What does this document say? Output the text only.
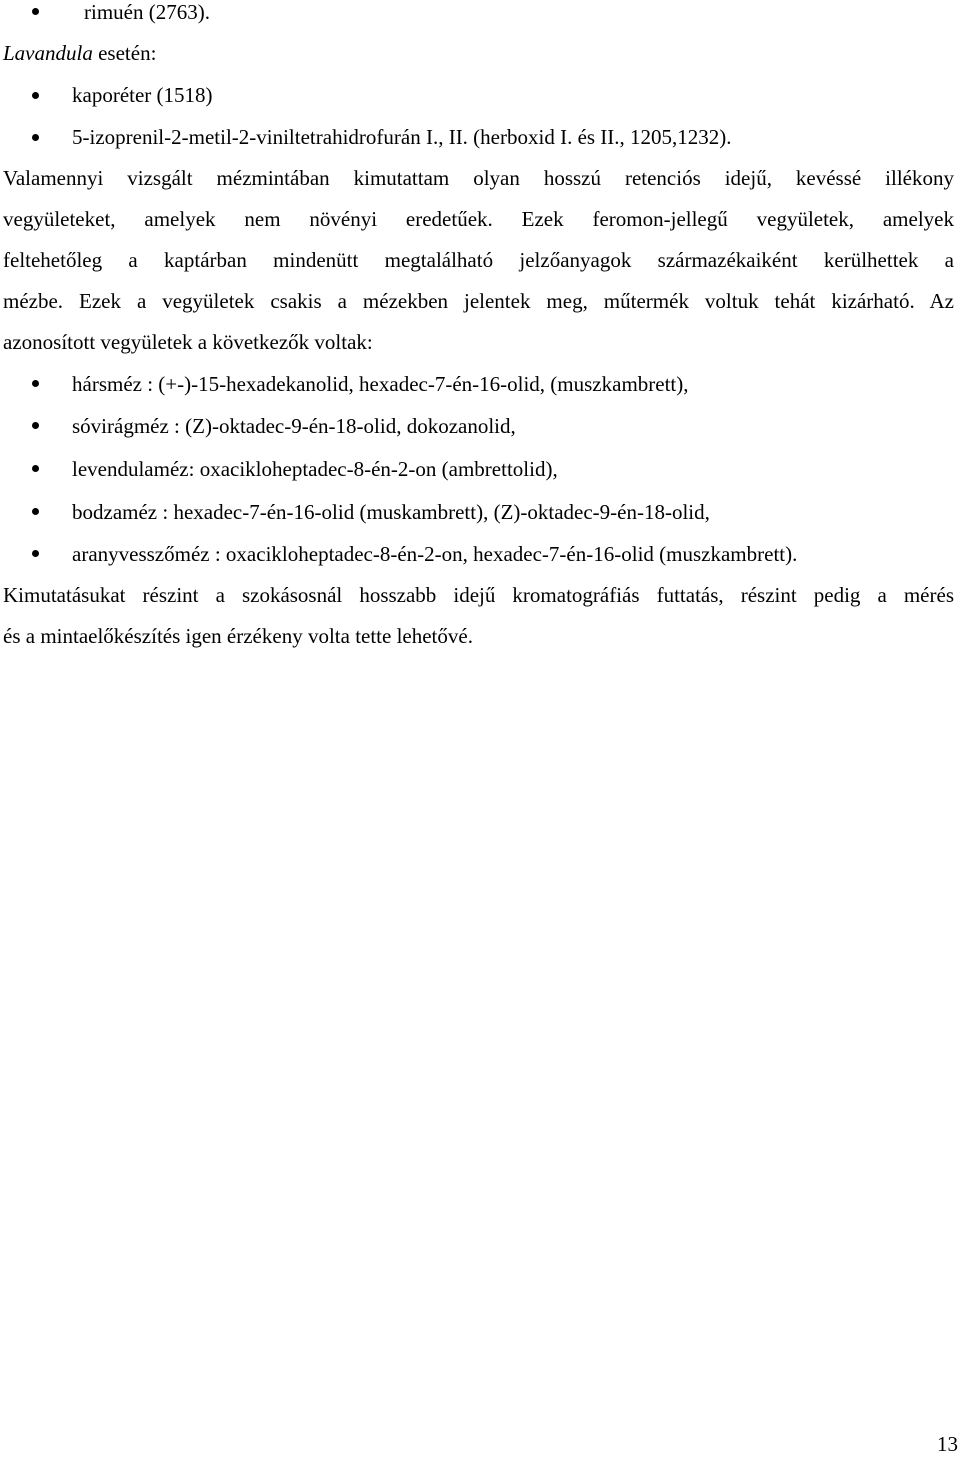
rimuén (2763).
Lavandula esetén:
kaporéter (1518)
5-izoprenil-2-metil-2-viniltetrahidrofurán I., II. (herboxid I. és II., 1205,1232).
Valamennyi vizsgált mézmintában kimutattam olyan hosszú retenciós idejű, kevéssé illékony
vegyületeket, amelyek nem növényi eredetűek. Ezek feromon-jellegű vegyületek, amelyek
feltehetőleg a kaptárban mindenütt megtalálható jelzőanyagok származékaiként kerülhettek a
mézbe. Ezek a vegyületek csakis a mézekben jelentek meg, műtermék voltuk tehát kizárható. Az
azonosított vegyületek a következők voltak:
hársméz : (+-)-15-hexadekanolid, hexadec-7-én-16-olid, (muszkambrett),
sóvirágméz : (Z)-oktadec-9-én-18-olid, dokozanolid,
levendulaméz: oxacikloheptadec-8-én-2-on (ambrettolid),
bodzaméz : hexadec-7-én-16-olid (muskambrett), (Z)-oktadec-9-én-18-olid,
aranyvesszőméz : oxacikloheptadec-8-én-2-on, hexadec-7-én-16-olid (muszkambrett).
Kimutatásukat részint a szokásosnál hosszabb idejű kromatográfiás futtatás, részint pedig a mérés
és a mintaelőkészítés igen érzékeny volta tette lehetővé.
13
